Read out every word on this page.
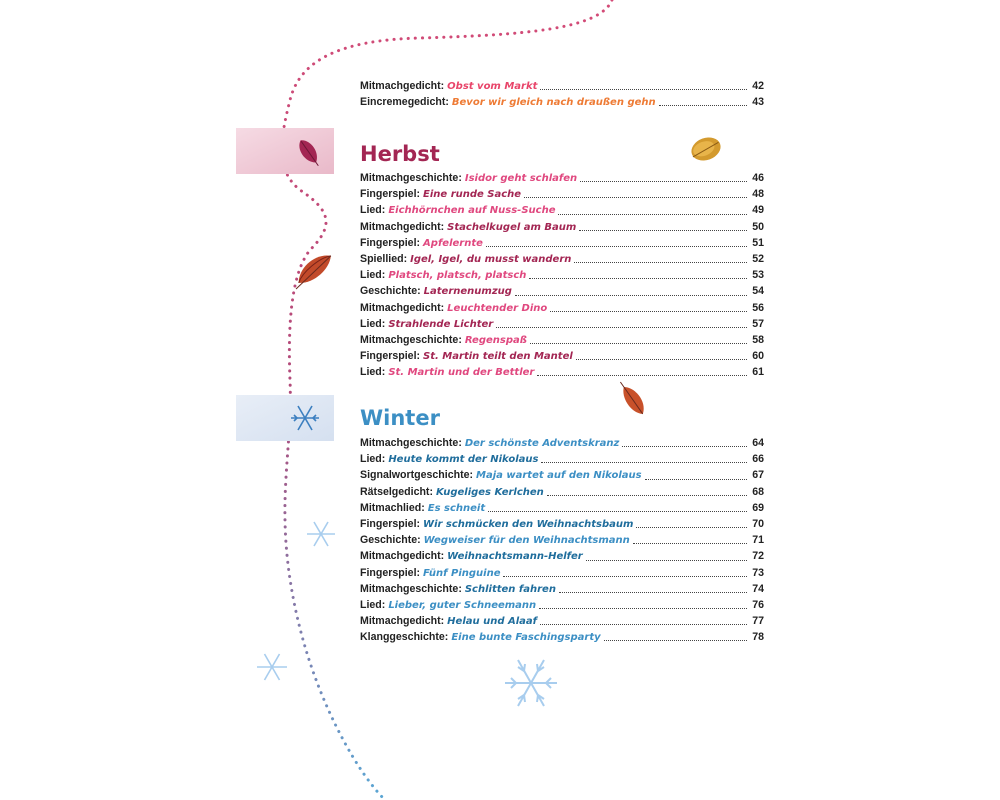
Mitmachgedicht: Obst vom Markt	42
Eincremegedicht: Bevor wir gleich nach draußen gehn	43
Herbst
Mitmachgeschichte: Isidor geht schlafen	46
Fingerspiel: Eine runde Sache	48
Lied: Eichhörnchen auf Nuss-Suche	49
Mitmachgedicht: Stachelkugel am Baum	50
Fingerspiel: Apfelernte	51
Spiellied: Igel, Igel, du musst wandern	52
Lied: Platsch, platsch, platsch	53
Geschichte: Laternenumzug	54
Mitmachgedicht: Leuchtender Dino	56
Lied: Strahlende Lichter	57
Mitmachgeschichte: Regenspaß	58
Fingerspiel: St. Martin teilt den Mantel	60
Lied: St. Martin und der Bettler	61
Winter
Mitmachgeschichte: Der schönste Adventskranz	64
Lied: Heute kommt der Nikolaus	66
Signalwortgeschichte: Maja wartet auf den Nikolaus	67
Rätselgedicht: Kugeliges Kerlchen	68
Mitmachlied: Es schneit	69
Fingerspiel: Wir schmücken den Weihnachtsbaum	70
Geschichte: Wegweiser für den Weihnachtsmann	71
Mitmachgedicht: Weihnachtsmann-Helfer	72
Fingerspiel: Fünf Pinguine	73
Mitmachgeschichte: Schlitten fahren	74
Lied: Lieber, guter Schneemann	76
Mitmachgedicht: Helau und Alaaf	77
Klanggeschichte: Eine bunte Faschingsparty	78
